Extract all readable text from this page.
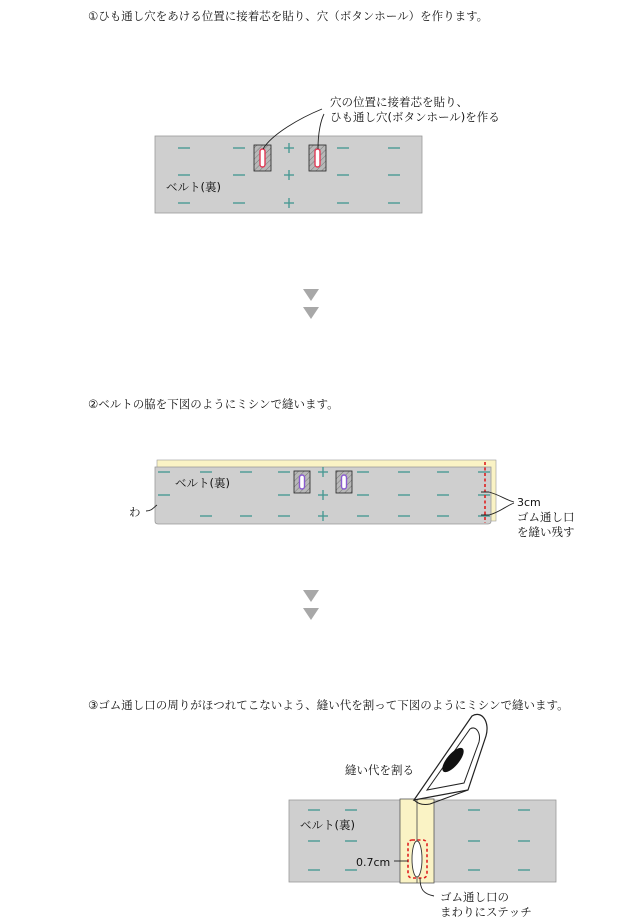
①ひも通し穴をあける位置に接着芯を貼り、穴（ボタンホール）を作ります。
②ベルトの脇を下図のようにミシンで縫います。
③ゴム通し口の周りがほつれてこないよう、縫い代を割って下図のようにミシンで縫います。
穴の位置に接着芯を貼り、
ひも通し穴(ボタンホール)を作る
ベルト(裏)
わ
ベルト(裏)
3cm
ゴム通し口
を縫い残す
縫い代を割る
ベルト(裏)
0.7cm
ゴム通し口の
まわりにステッチ
